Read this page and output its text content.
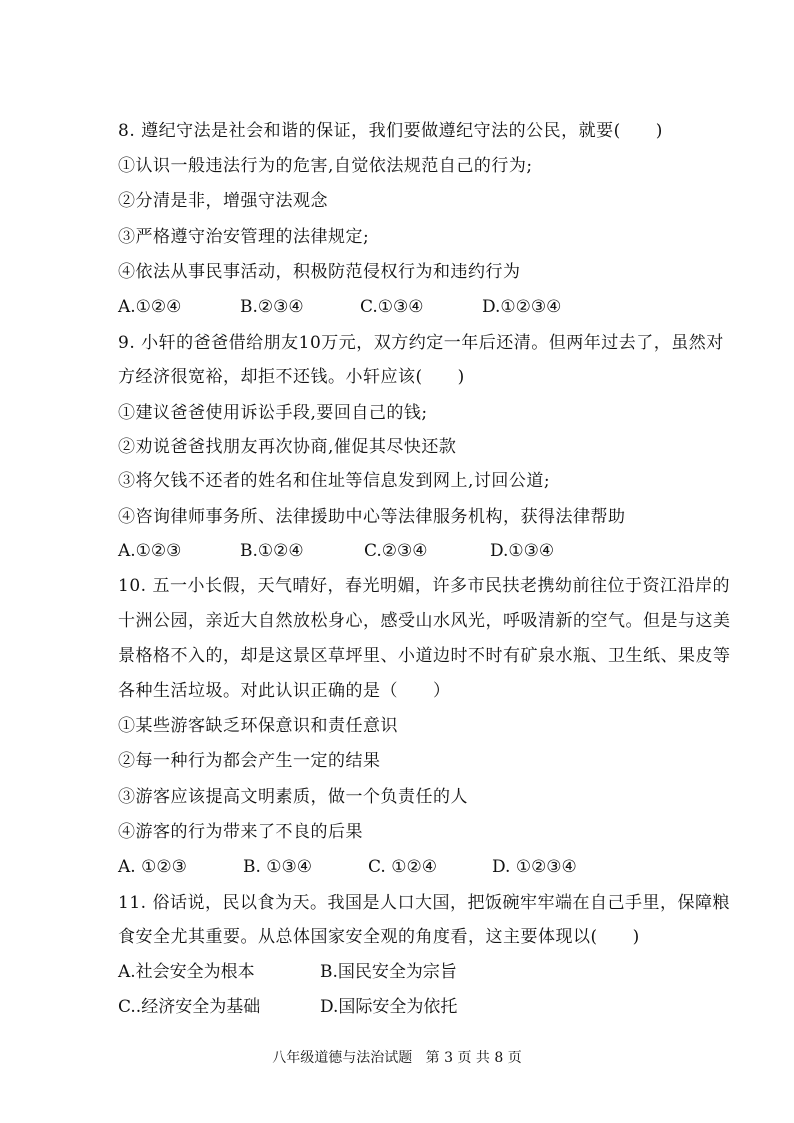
8. 遵纪守法是社会和谐的保证，我们要做遵纪守法的公民，就要(　　)
①认识一般违法行为的危害,自觉依法规范自己的行为;
②分清是非，增强守法观念
③严格遵守治安管理的法律规定;
④依法从事民事活动，积极防范侵权行为和违约行为
A.①②④	B.②③④	C.①③④	D.①②③④
9. 小轩的爸爸借给朋友10万元，双方约定一年后还清。但两年过去了，虽然对
方经济很宽裕，却拒不还钱。小轩应该(　　)
①建议爸爸使用诉讼手段,要回自己的钱;
②劝说爸爸找朋友再次协商,催促其尽快还款
③将欠钱不还者的姓名和住址等信息发到网上,讨回公道;
④咨询律师事务所、法律援助中心等法律服务机构，获得法律帮助
A.①②③	B.①②④	C.②③④	D.①③④
10. 五一小长假，天气晴好，春光明媚，许多市民扶老携幼前往位于资江沿岸的
十洲公园，亲近大自然放松身心，感受山水风光，呼吸清新的空气。但是与这美
景格格不入的，却是这景区草坪里、小道边时不时有矿泉水瓶、卫生纸、果皮等
各种生活垃圾。对此认识正确的是（　　）
①某些游客缺乏环保意识和责任意识
②每一种行为都会产生一定的结果
③游客应该提高文明素质，做一个负责任的人
④游客的行为带来了不良的后果
A. ①②③	B. ①③④	C. ①②④	D. ①②③④
11. 俗话说，民以食为天。我国是人口大国，把饭碗牢牢端在自己手里，保障粮
食安全尤其重要。从总体国家安全观的角度看，这主要体现以(　　)
A.社会安全为根本	B.国民安全为宗旨
C..经济安全为基础	D.国际安全为依托
八年级道德与法治试题 第 3 页 共 8 页
